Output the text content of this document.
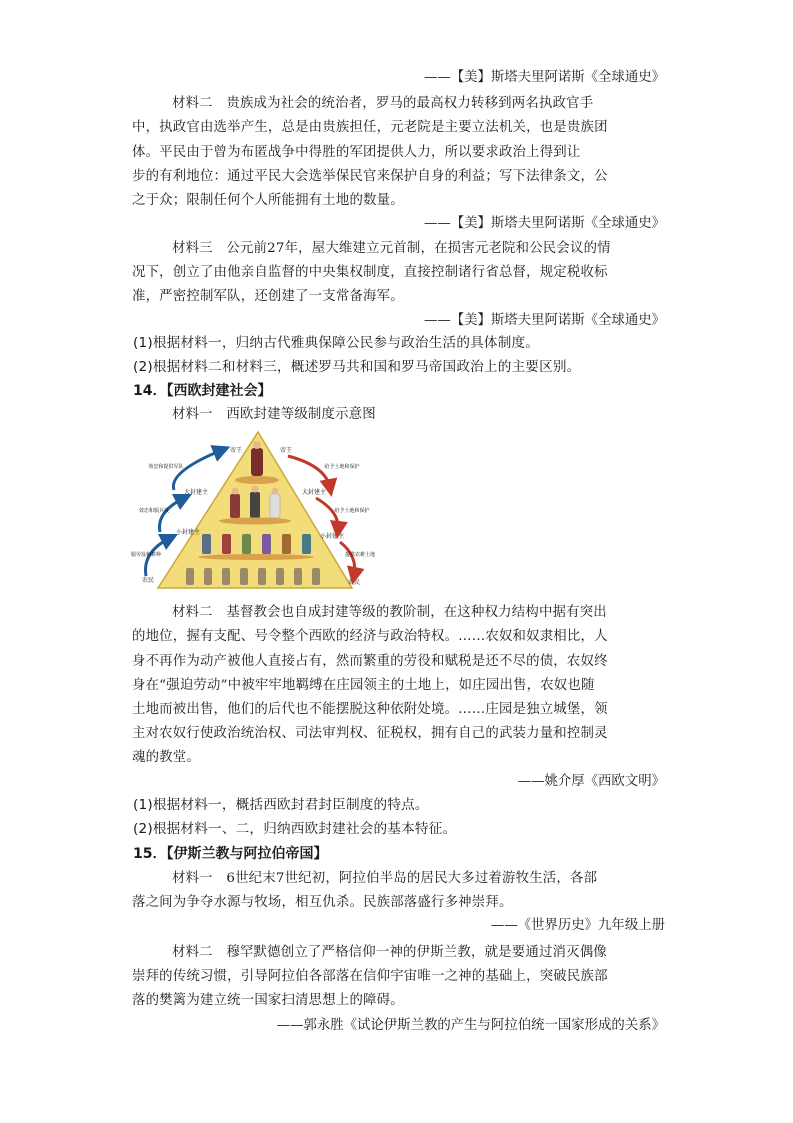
——【美】斯塔夫里阿诺斯《全球通史》
材料二　贵族成为社会的统治者，罗马的最高权力转移到两名执政官手
中，执政官由选举产生，总是由贵族担任，元老院是主要立法机关，也是贵族团
体。平民由于曾为布匿战争中得胜的军团提供人力，所以要求政治上得到让
步的有利地位：通过平民大会选举保民官来保护自身的利益；写下法律条文，公
之于众；限制任何个人所能拥有土地的数量。
——【美】斯塔夫里阿诺斯《全球通史》
材料三　公元前27年，屋大维建立元首制，在损害元老院和公民会议的情
况下，创立了由他亲自监督的中央集权制度，直接控制诸行省总督，规定税收标
准，严密控制军队，还创建了一支常备海军。
——【美】斯塔夫里阿诺斯《全球通史》
(1)根据材料一，归纳古代雅典保障公民参与政治生活的具体制度。
(2)根据材料二和材料三，概述罗马共和国和罗马帝国政治上的主要区别。
14．【西欧封建社会】
材料一　西欧封建等级制度示意图
帝王	帝王
大封建主	大封建主
小封建主
小封建主
农民	农民
效忠和提供军队
效忠和服兵役
服劳役和耕种
给予土地和保护
给予土地和保护
提供农耕土地
材料二　基督教会也自成封建等级的教阶制，在这种权力结构中据有突出
的地位，握有支配、号令整个西欧的经济与政治特权。……农奴和奴隶相比，人
身不再作为动产被他人直接占有，然而繁重的劳役和赋税是还不尽的债，农奴终
身在“强迫劳动”中被牢牢地羁缚在庄园领主的土地上，如庄园出售，农奴也随
土地而被出售，他们的后代也不能摆脱这种依附处境。……庄园是独立城堡，领
主对农奴行使政治统治权、司法审判权、征税权，拥有自己的武装力量和控制灵
魂的教堂。
——姚介厚《西欧文明》
(1)根据材料一，概括西欧封君封臣制度的特点。
(2)根据材料一、二，归纳西欧封建社会的基本特征。
15．【伊斯兰教与阿拉伯帝国】
材料一　6世纪末7世纪初，阿拉伯半岛的居民大多过着游牧生活，各部
落之间为争夺水源与牧场，相互仇杀。民族部落盛行多神崇拜。
——《世界历史》九年级上册
材料二　穆罕默德创立了严格信仰一神的伊斯兰教，就是要通过消灭偶像
崇拜的传统习惯，引导阿拉伯各部落在信仰宇宙唯一之神的基础上，突破民族部
落的樊篱为建立统一国家扫清思想上的障碍。
——郭永胜《试论伊斯兰教的产生与阿拉伯统一国家形成的关系》
